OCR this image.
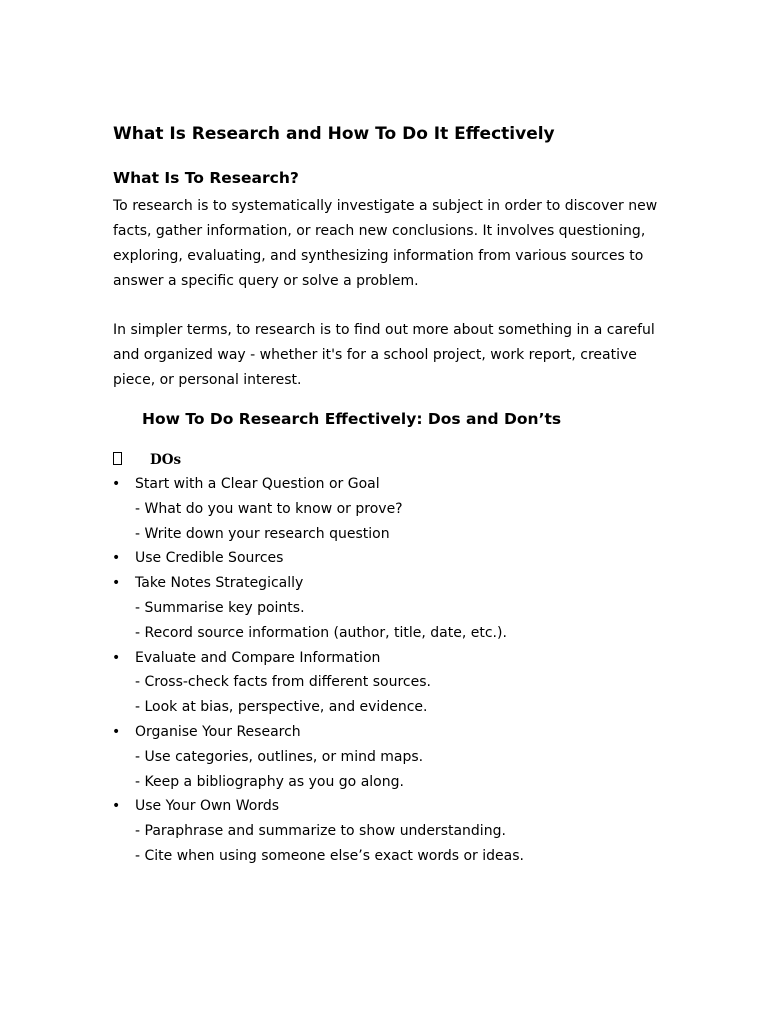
What Is Research and How To Do It Effectively
What Is To Research?
To research is to systematically investigate a subject in order to discover new
facts, gather information, or reach new conclusions. It involves questioning,
exploring, evaluating, and synthesizing information from various sources to
answer a specific query or solve a problem.
In simpler terms, to research is to find out more about something in a careful
and organized way - whether it's for a school project, work report, creative
piece, or personal interest.
How To Do Research Effectively: Dos and Don’ts
DOs
•	Start with a Clear Question or Goal
- What do you want to know or prove?
- Write down your research question
•	Use Credible Sources
•	Take Notes Strategically
- Summarise key points.
- Record source information (author, title, date, etc.).
•	Evaluate and Compare Information
- Cross-check facts from different sources.
- Look at bias, perspective, and evidence.
•	Organise Your Research
- Use categories, outlines, or mind maps.
- Keep a bibliography as you go along.
•	Use Your Own Words
- Paraphrase and summarize to show understanding.
- Cite when using someone else’s exact words or ideas.
